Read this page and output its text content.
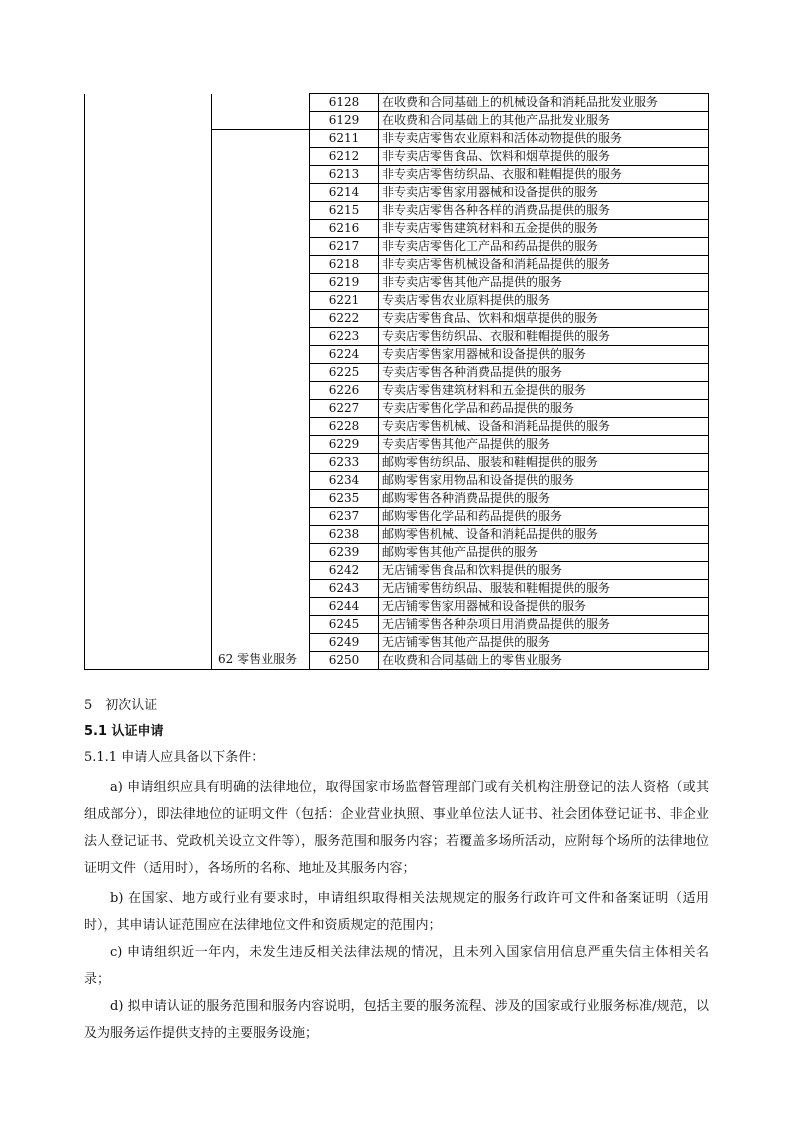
		6128	在收费和合同基础上的机械设备和消耗品批发业服务
		6129	在收费和合同基础上的其他产品批发业服务
	62 零售业服务	6211	非专卖店零售农业原料和活体动物提供的服务
		6212	非专卖店零售食品、饮料和烟草提供的服务
		6213	非专卖店零售纺织品、衣服和鞋帽提供的服务
		6214	非专卖店零售家用器械和设备提供的服务
		6215	非专卖店零售各种各样的消费品提供的服务
		6216	非专卖店零售建筑材料和五金提供的服务
		6217	非专卖店零售化工产品和药品提供的服务
		6218	非专卖店零售机械设备和消耗品提供的服务
		6219	非专卖店零售其他产品提供的服务
		6221	专卖店零售农业原料提供的服务
		6222	专卖店零售食品、饮料和烟草提供的服务
		6223	专卖店零售纺织品、衣服和鞋帽提供的服务
		6224	专卖店零售家用器械和设备提供的服务
		6225	专卖店零售各种消费品提供的服务
		6226	专卖店零售建筑材料和五金提供的服务
		6227	专卖店零售化学品和药品提供的服务
		6228	专卖店零售机械、设备和消耗品提供的服务
		6229	专卖店零售其他产品提供的服务
		6233	邮购零售纺织品、服装和鞋帽提供的服务
		6234	邮购零售家用物品和设备提供的服务
		6235	邮购零售各种消费品提供的服务
		6237	邮购零售化学品和药品提供的服务
		6238	邮购零售机械、设备和消耗品提供的服务
		6239	邮购零售其他产品提供的服务
		6242	无店铺零售食品和饮料提供的服务
		6243	无店铺零售纺织品、服装和鞋帽提供的服务
		6244	无店铺零售家用器械和设备提供的服务
		6245	无店铺零售各种杂项日用消费品提供的服务
		6249	无店铺零售其他产品提供的服务
		6250	在收费和合同基础上的零售业服务
5　初次认证
5.1 认证申请
5.1.1 申请人应具备以下条件：
a) 申请组织应具有明确的法律地位，取得国家市场监督管理部门或有关机构注册登记的法人资格（或其组成部分），即法律地位的证明文件（包括：企业营业执照、事业单位法人证书、社会团体登记证书、非企业法人登记证书、党政机关设立文件等），服务范围和服务内容；若覆盖多场所活动，应附每个场所的法律地位证明文件（适用时），各场所的名称、地址及其服务内容；
b) 在国家、地方或行业有要求时，申请组织取得相关法规规定的服务行政许可文件和备案证明（适用时），其申请认证范围应在法律地位文件和资质规定的范围内；
c) 申请组织近一年内，未发生违反相关法律法规的情况，且未列入国家信用信息严重失信主体相关名录；
d) 拟申请认证的服务范围和服务内容说明，包括主要的服务流程、涉及的国家或行业服务标准/规范，以及为服务运作提供支持的主要服务设施；
